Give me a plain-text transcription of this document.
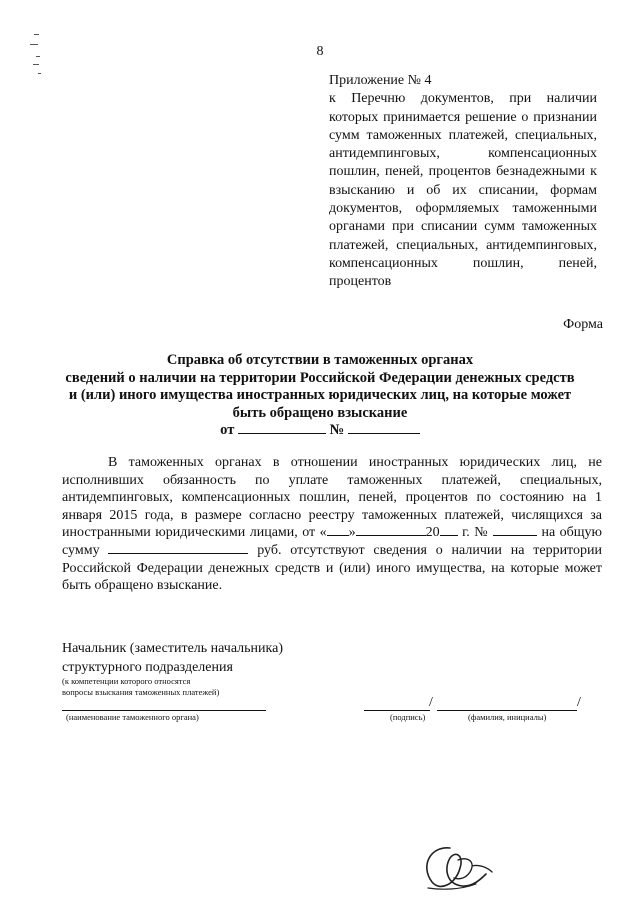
8
Приложение № 4
к Перечню документов, при наличии которых принимается решение о признании сумм таможенных платежей, специальных, антидемпинговых, компенсационных пошлин, пеней, процентов безнадежными к взысканию и об их списании, формам документов, оформляемых таможенными органами при списании сумм таможенных платежей, специальных, антидемпинговых, компенсационных пошлин, пеней, процентов
Форма
Справка об отсутствии в таможенных органах
сведений о наличии на территории Российской Федерации денежных средств
и (или) иного имущества иностранных юридических лиц, на которые может
быть обращено взыскание
от	№
В таможенных органах в отношении иностранных юридических лиц, не исполнивших обязанность по уплате таможенных платежей, специальных, антидемпинговых, компенсационных пошлин, пеней, процентов по состоянию на 1 января 2015 года, в размере согласно реестру таможенных платежей, числящихся за иностранными юридическими лицами, от « »	20 г. №	на общую сумму	руб. отсутствуют сведения о наличии на территории Российской Федерации денежных средств и (или) иного имущества, на которые может быть обращено взыскание.
Начальник (заместитель начальника)
структурного подразделения
(к компетенции которого относятся
вопросы взыскания таможенных платежей)
(наименование таможенного органа)
/	/
(подпись)	(фамилия, инициалы)
